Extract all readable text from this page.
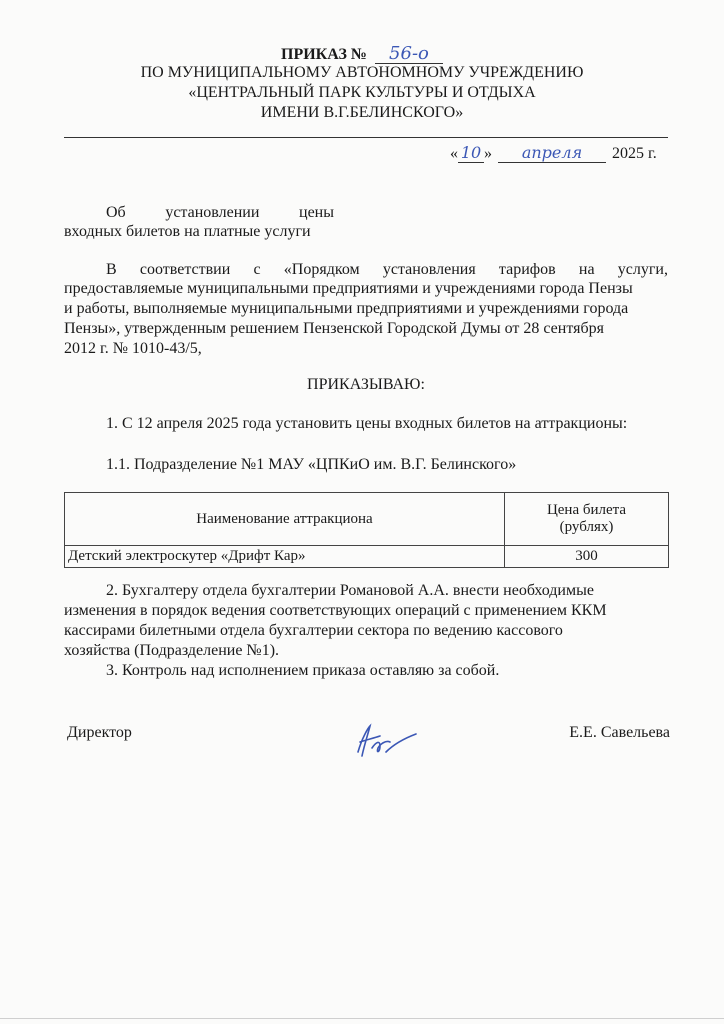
ПРИКАЗ № 56-о
ПО МУНИЦИПАЛЬНОМУ АВТОНОМНОМУ УЧРЕЖДЕНИЮ
«ЦЕНТРАЛЬНЫЙ ПАРК КУЛЬТУРЫ И ОТДЫХА
ИМЕНИ В.Г.БЕЛИНСКОГО»
« 10 » апреля 2025 г.
Об установлении цены
входных билетов на платные услуги
В соответствии с «Порядком установления тарифов на услуги,
предоставляемые муниципальными предприятиями и учреждениями города Пензы
и работы, выполняемые муниципальными предприятиями и учреждениями города
Пензы», утвержденным решением Пензенской Городской Думы от 28 сентября
2012 г. № 1010-43/5,
ПРИКАЗЫВАЮ:
1. С 12 апреля 2025 года установить цены входных билетов на аттракционы:
1.1. Подразделение №1 МАУ «ЦПКиО им. В.Г. Белинского»
Наименование аттракциона	Цена билета
(рублях)

Детский электроскутер «Дрифт Кар»	300
2. Бухгалтеру отдела бухгалтерии Романовой А.А. внести необходимые
изменения в порядок ведения соответствующих операций с применением ККМ
кассирами билетными отдела бухгалтерии сектора по ведению кассового
хозяйства (Подразделение №1).
3. Контроль над исполнением приказа оставляю за собой.
Директор	Е.Е. Савельева
